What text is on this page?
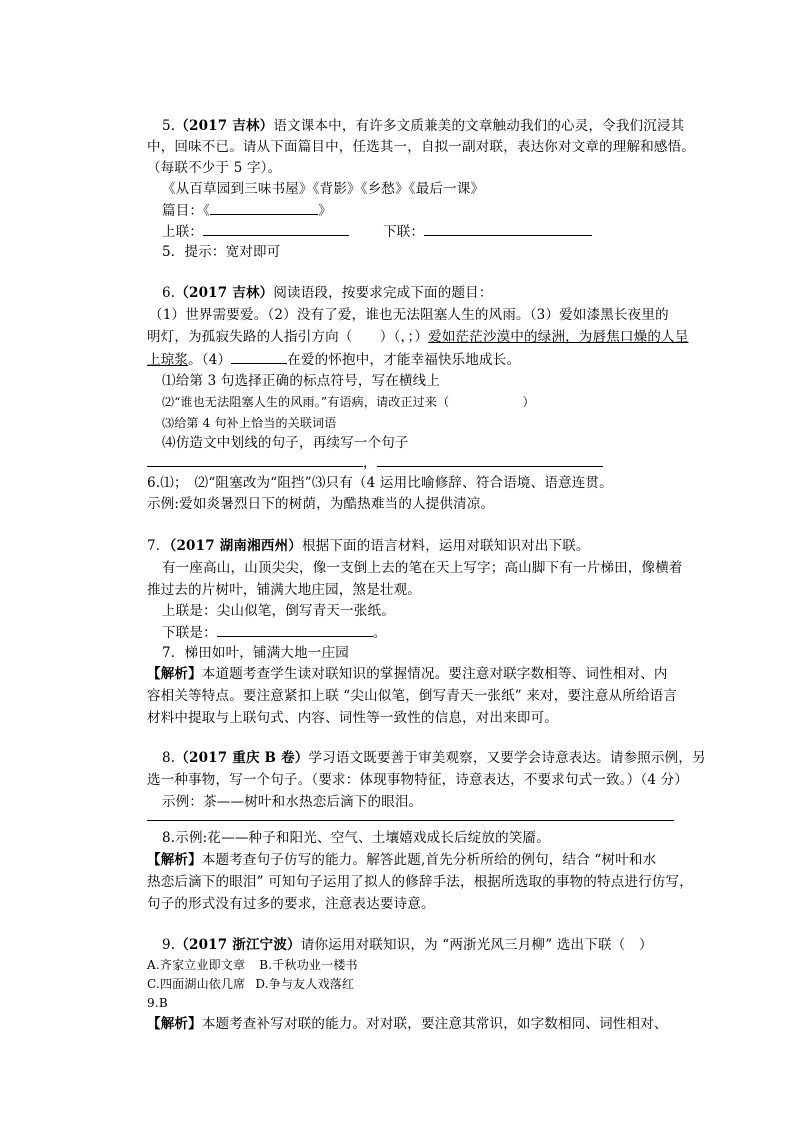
5.（2017 吉林）语文课本中，有许多文质兼美的文章触动我们的心灵，令我们沉浸其
中，回味不已。请从下面篇目中，任选其一，自拟一副对联，表达你对文章的理解和感悟。
（每联不少于 5 字）。
《从百草园到三味书屋》《背影》《乡愁》《最后一课》
篇目：《	》
上联：	下联：
5．提示：宽对即可
6.（2017 吉林）阅读语段，按要求完成下面的题目：
（1）世界需要爱。（2）没有了爱，谁也无法阻塞人生的风雨。（3）爱如漆黑长夜里的
明灯，为孤寂失路的人指引方向（　　）（，；）爱如茫茫沙漠中的绿洲，为唇焦口燥的人呈
上琼浆。（4）	在爱的怀抱中，才能幸福快乐地成长。
⑴给第 3 句选择正确的标点符号，写在横线上
⑵“谁也无法阻塞人生的风雨。”有语病，请改正过来（　　　　　　）
⑶给第 4 句补上恰当的关联词语
⑷仿造文中划线的句子，再续写一个句子
，
6.⑴；　⑵“阻塞改为“阻挡”⑶只有（4 运用比喻修辞、符合语境、语意连贯。
示例:爱如炎暑烈日下的树荫，为酷热难当的人提供清凉。
7．（2017 湖南湘西州）根据下面的语言材料，运用对联知识对出下联。
有一座高山，山顶尖尖，像一支倒上去的笔在天上写字；高山脚下有一片梯田，像横着
推过去的片树叶，铺满大地庄园，煞是壮观。
上联是：尖山似笔，倒写青天一张纸。
下联是：	。
7．梯田如叶，铺满大地一庄园
【解析】本道题考查学生读对联知识的掌握情况。要注意对联字数相等、词性相对、内
容相关等特点。要注意紧扣上联 “尖山似笔，倒写青天一张纸” 来对，要注意从所给语言
材料中提取与上联句式、内容、词性等一致性的信息，对出来即可。
8.（2017 重庆 B 卷）学习语文既要善于审美观察，又要学会诗意表达。请参照示例，另
选一种事物，写一个句子。（要求：体现事物特征，诗意表达，不要求句式一致。）（4 分）
示例：茶——树叶和水热恋后滴下的眼泪。
8.示例:花——种子和阳光、空气、土壤嬉戏成长后绽放的笑靥。
【解析】本题考查句子仿写的能力。解答此题,首先分析所给的例句，结合 “树叶和水
热恋后滴下的眼泪” 可知句子运用了拟人的修辞手法，根据所选取的事物的特点进行仿写，
句子的形式没有过多的要求，注意表达要诗意。
9.（2017 浙江宁波）请你运用对联知识，为 “两浙光风三月柳” 选出下联（　）
A.齐家立业即文章 B.千秋功业一楼书
C.四面湖山依几席 D.争与友人戏落红
9.B
【解析】本题考查补写对联的能力。对对联，要注意其常识，如字数相同、词性相对、
